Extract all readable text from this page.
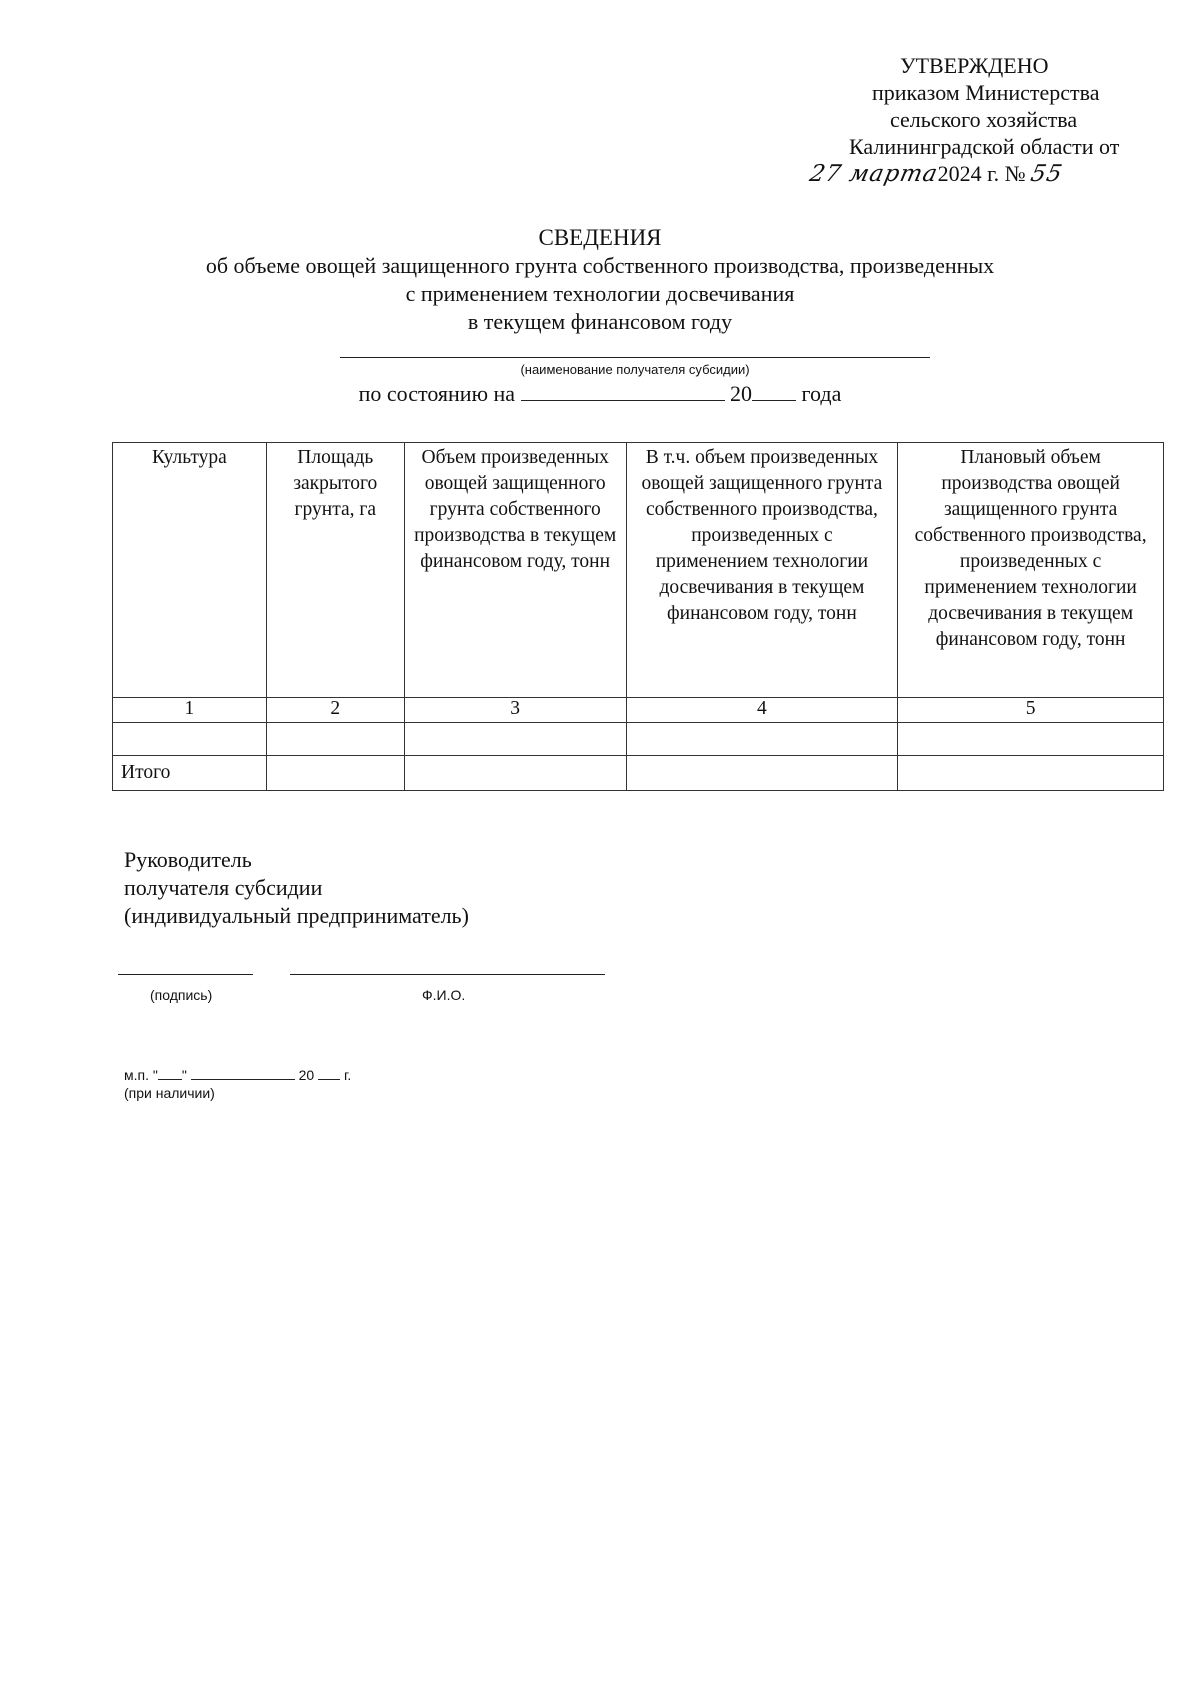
УТВЕРЖДЕНО
приказом Министерства
сельского хозяйства
Калининградской области от
27 марта2024 г. № 55
СВЕДЕНИЯ
об объеме овощей защищенного грунта собственного производства, произведенных
с применением технологии досвечивания
в текущем финансовом году
(наименование получателя субсидии)
по состоянию на	20 года
Культура	Площадь закрытого грунта, га	Объем произведенных овощей защищенного грунта собственного производства в текущем финансовом году, тонн	В т.ч. объем произведенных овощей защищенного грунта собственного производства, произведенных с применением технологии досвечивания в текущем финансовом году, тонн	Плановый объем производства овощей защищенного грунта собственного производства, произведенных с применением технологии досвечивания в текущем финансовом году, тонн
1	2	3	4	5

Итого				
Руководитель
получателя субсидии
(индивидуальный предприниматель)
(подпись)	Ф.И.О.
м.п. " "	20 г.
(при наличии)
